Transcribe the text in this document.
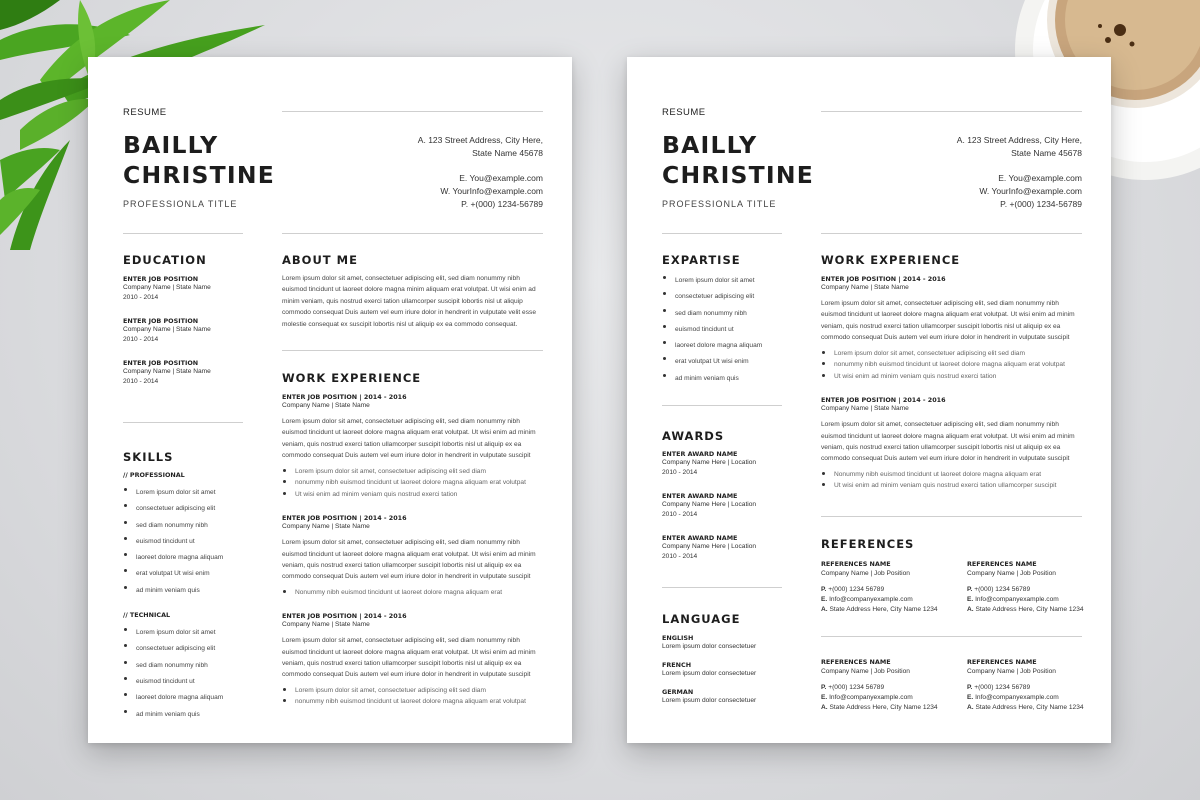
RESUME
BAILLY
CHRISTINE
PROFESSIONLA TITLE
A. 123 Street Address, City Here,
State Name 45678
E. You@example.com
W. YourInfo@example.com
P. +(000) 1234-56789
EDUCATION
ENTER JOB POSITION
Company Name | State Name
2010 - 2014
ENTER JOB POSITION
Company Name | State Name
2010 - 2014
ENTER JOB POSITION
Company Name | State Name
2010 - 2014
SKILLS
// PROFESSIONAL
Lorem ipsum dolor sit amet
consectetuer adipiscing elit
sed diam nonummy nibh
euismod tincidunt ut
laoreet dolore magna aliquam
erat volutpat Ut wisi enim
ad minim veniam quis
// TECHNICAL
Lorem ipsum dolor sit amet
consectetuer adipiscing elit
sed diam nonummy nibh
euismod tincidunt ut
laoreet dolore magna aliquam
ad minim veniam quis
ABOUT ME
Lorem ipsum dolor sit amet, consectetuer adipiscing elit, sed diam nonummy nibh euismod tincidunt ut laoreet dolore magna minim aliquam erat volutpat. Ut wisi enim ad minim veniam, quis nostrud exerci tation ullamcorper suscipit lobortis nisl ut aliquip commodo consequat Duis autem vel eum iriure dolor in hendrerit in vulputate velit esse molestie consequat ex suscipit lobortis nisl ut aliquip ex ea commodo consequat.
WORK EXPERIENCE
ENTER JOB POSITION | 2014 - 2016
Company Name | State Name
Lorem ipsum dolor sit amet, consectetuer adipiscing elit, sed diam nonummy nibh euismod tincidunt ut laoreet dolore magna aliquam erat volutpat. Ut wisi enim ad minim veniam, quis nostrud exerci tation ullamcorper suscipit lobortis nisl ut aliquip ex ea commodo consequat Duis autem vel eum iriure dolor in hendrerit in vulputate suscipit
Lorem ipsum dolor sit amet, consectetuer adipiscing elit sed diam
nonummy nibh euismod tincidunt ut laoreet dolore magna aliquam erat volutpat
Ut wisi enim ad minim veniam quis nostrud exerci tation
ENTER JOB POSITION | 2014 - 2016
Company Name | State Name
Lorem ipsum dolor sit amet, consectetuer adipiscing elit, sed diam nonummy nibh euismod tincidunt ut laoreet dolore magna aliquam erat volutpat. Ut wisi enim ad minim veniam, quis nostrud exerci tation ullamcorper suscipit lobortis nisl ut aliquip ex ea commodo consequat Duis autem vel eum iriure dolor in hendrerit in vulputate suscipit
Nonummy nibh euismod tincidunt ut laoreet dolore magna aliquam erat
ENTER JOB POSITION | 2014 - 2016
Company Name | State Name
Lorem ipsum dolor sit amet, consectetuer adipiscing elit, sed diam nonummy nibh euismod tincidunt ut laoreet dolore magna aliquam erat volutpat. Ut wisi enim ad minim veniam, quis nostrud exerci tation ullamcorper suscipit lobortis nisl ut aliquip ex ea commodo consequat Duis autem vel eum iriure dolor in hendrerit in vulputate suscipit
Lorem ipsum dolor sit amet, consectetuer adipiscing elit sed diam
nonummy nibh euismod tincidunt ut laoreet dolore magna aliquam erat volutpat
RESUME
BAILLY
CHRISTINE
PROFESSIONLA TITLE
A. 123 Street Address, City Here,
State Name 45678
E. You@example.com
W. YourInfo@example.com
P. +(000) 1234-56789
EXPARTISE
Lorem ipsum dolor sit amet
consectetuer adipiscing elit
sed diam nonummy nibh
euismod tincidunt ut
laoreet dolore magna aliquam
erat volutpat Ut wisi enim
ad minim veniam quis
AWARDS
ENTER AWARD NAME
Company Name Here | Location
2010 - 2014
ENTER AWARD NAME
Company Name Here | Location
2010 - 2014
ENTER AWARD NAME
Company Name Here | Location
2010 - 2014
LANGUAGE
ENGLISH
Lorem ipsum dolor consectetuer
FRENCH
Lorem ipsum dolor consectetuer
GERMAN
Lorem ipsum dolor consectetuer
WORK EXPERIENCE
ENTER JOB POSITION | 2014 - 2016
Company Name | State Name
Lorem ipsum dolor sit amet, consectetuer adipiscing elit, sed diam nonummy nibh euismod tincidunt ut laoreet dolore magna aliquam erat volutpat. Ut wisi enim ad minim veniam, quis nostrud exerci tation ullamcorper suscipit lobortis nisl ut aliquip ex ea commodo consequat Duis autem vel eum iriure dolor in hendrerit in vulputate suscipit
Lorem ipsum dolor sit amet, consectetuer adipiscing elit sed diam
nonummy nibh euismod tincidunt ut laoreet dolore magna aliquam erat volutpat
Ut wisi enim ad minim veniam quis nostrud exerci tation
ENTER JOB POSITION | 2014 - 2016
Company Name | State Name
Lorem ipsum dolor sit amet, consectetuer adipiscing elit, sed diam nonummy nibh euismod tincidunt ut laoreet dolore magna aliquam erat volutpat. Ut wisi enim ad minim veniam, quis nostrud exerci tation ullamcorper suscipit lobortis nisl ut aliquip ex ea commodo consequat Duis autem vel eum iriure dolor in hendrerit in vulputate suscipit
Nonummy nibh euismod tincidunt ut laoreet dolore magna aliquam erat
Ut wisi enim ad minim veniam quis nostrud exerci tation ullamcorper suscipit
REFERENCES
REFERENCES NAME
Company Name | Job Position
P. +(000) 1234 56789
E. Info@companyexample.com
A. State Address Here, City Name 1234
REFERENCES NAME
Company Name | Job Position
P. +(000) 1234 56789
E. Info@companyexample.com
A. State Address Here, City Name 1234
REFERENCES NAME
Company Name | Job Position
P. +(000) 1234 56789
E. Info@companyexample.com
A. State Address Here, City Name 1234
REFERENCES NAME
Company Name | Job Position
P. +(000) 1234 56789
E. Info@companyexample.com
A. State Address Here, City Name 1234
